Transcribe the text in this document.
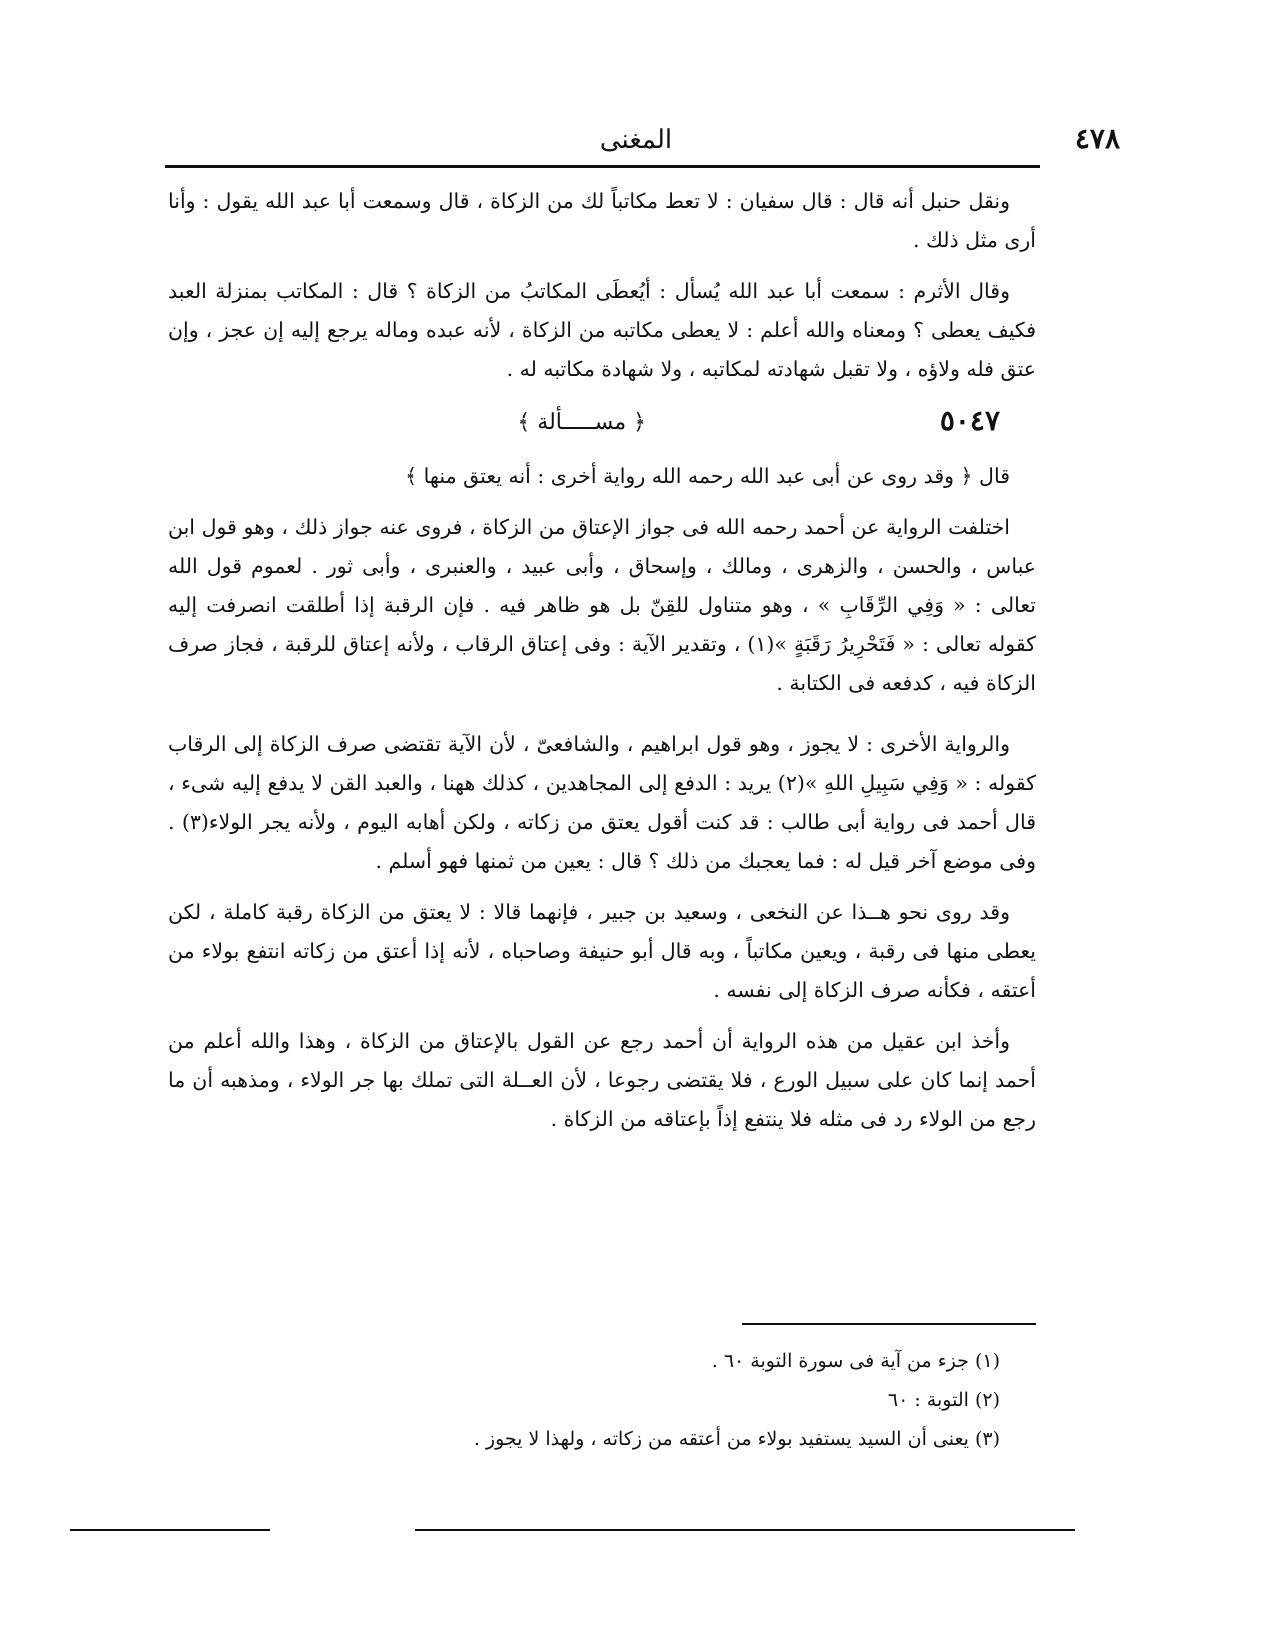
المغنى	٤٧٨

ونقل حنبل أنه قال : قال سفيان : لا تعط مكاتباً لك من الزكاة ، قال وسمعت أبا عبد الله يقول : وأنا أرى مثل ذلك .

وقال الأثرم : سمعت أبا عبد الله يُسأل : أيُعطَى المكاتبُ من الزكاة ؟ قال : المكاتب بمنزلة العبد فكيف يعطى ؟ ومعناه والله أعلم : لا يعطى مكاتبه من الزكاة ، لأنه عبده وماله يرجع إليه إن عجز ، وإن عتق فله ولاؤه ، ولا تقبل شهادته لمكاتبه ، ولا شهادة مكاتبه له .

٥٠٤٧
﴿ مســـــألة ﴾

قال ﴿ وقد روى عن أبى عبد الله رحمه الله رواية أخرى : أنه يعتق منها ﴾

اختلفت الرواية عن أحمد رحمه الله فى جواز الإعتاق من الزكاة ، فروى عنه جواز ذلك ، وهو قول ابن عباس ، والحسن ، والزهرى ، ومالك ، وإسحاق ، وأبى عبيد ، والعنبرى ، وأبى ثور . لعموم قول الله تعالى : « وَفِي الرِّقَابِ » ، وهو متناول للقِنّ بل هو ظاهر فيه . فإن الرقبة إذا أطلقت انصرفت إليه كقوله تعالى : « فَتَحْرِيرُ رَقَبَةٍ »(١) ، وتقدير الآية : وفى إعتاق الرقاب ، ولأنه إعتاق للرقبة ، فجاز صرف الزكاة فيه ، كدفعه فى الكتابة .

والرواية الأخرى : لا يجوز ، وهو قول ابراهيم ، والشافعىّ ، لأن الآية تقتضى صرف الزكاة إلى الرقاب كقوله : « وَفِي سَبِيلِ اللهِ »(٢) يريد : الدفع إلى المجاهدين ، كذلك ههنا ، والعبد القن لا يدفع إليه شىء ، قال أحمد فى رواية أبى طالب : قد كنت أقول يعتق من زكاته ، ولكن أهابه اليوم ، ولأنه يجر الولاء(٣) . وفى موضع آخر قيل له : فما يعجبك من ذلك ؟ قال : يعين من ثمنها فهو أسلم .

وقد روى نحو هــذا عن النخعى ، وسعيد بن جبير ، فإنهما قالا : لا يعتق من الزكاة رقبة كاملة ، لكن يعطى منها فى رقبة ، ويعين مكاتباً ، وبه قال أبو حنيفة وصاحباه ، لأنه إذا أعتق من زكاته انتفع بولاء من أعتقه ، فكأنه صرف الزكاة إلى نفسه .

وأخذ ابن عقيل من هذه الرواية أن أحمد رجع عن القول بالإعتاق من الزكاة ، وهذا والله أعلم من أحمد إنما كان على سبيل الورع ، فلا يقتضى رجوعا ، لأن العــلة التى تملك بها جر الولاء ، ومذهبه أن ما رجع من الولاء رد فى مثله فلا ينتفع إذاً بإعتاقه من الزكاة .

(١) جزء من آية فى سورة التوبة ٦٠ .

(٢) التوبة : ٦٠

(٣) يعنى أن السيد يستفيد بولاء من أعتقه من زكاته ، ولهذا لا يجوز .
